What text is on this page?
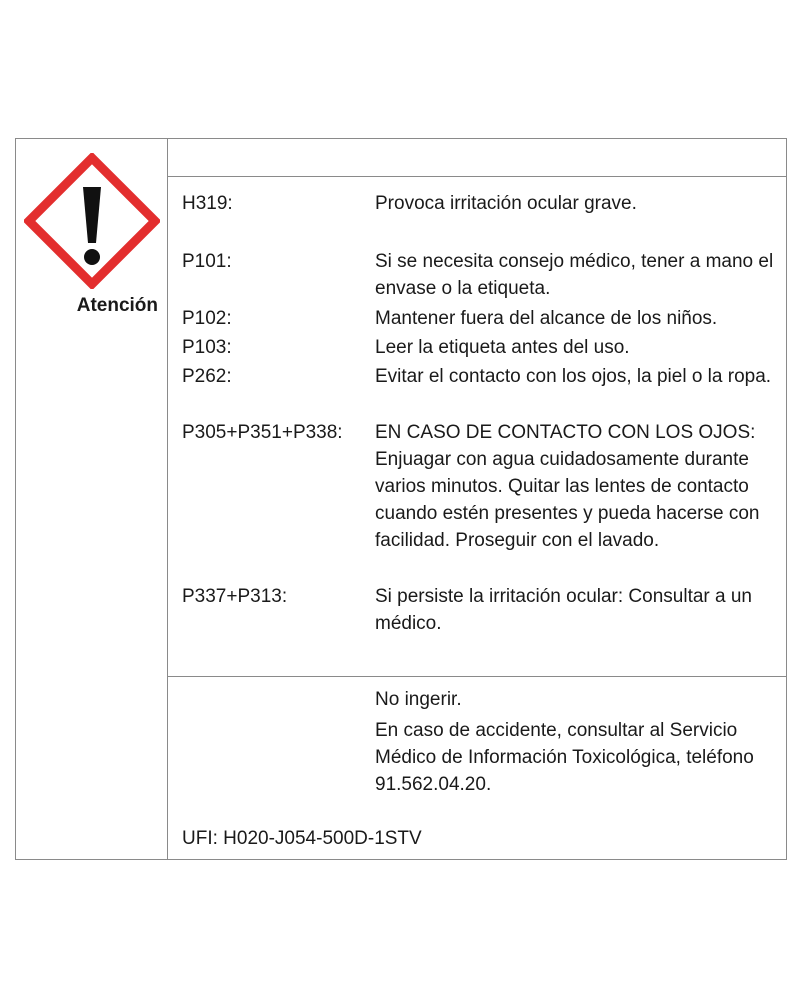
Atención
H319:	Provoca irritación ocular grave.
P101:	Si se necesita consejo médico, tener a mano el envase o la etiqueta.
P102:	Mantener fuera del alcance de los niños.
P103:	Leer la etiqueta antes del uso.
P262:	Evitar el contacto con los ojos, la piel o la ropa.
P305+P351+P338: EN CASO DE CONTACTO CON LOS OJOS: Enjuagar con agua cuidadosamente durante varios minutos. Quitar las lentes de contacto cuando estén presentes y pueda hacerse con facilidad. Proseguir con el lavado.
P337+P313:	Si persiste la irritación ocular: Consultar a un médico.
No ingerir.
En caso de accidente, consultar al Servicio Médico de Información Toxicológica, teléfono 91.562.04.20.
UFI: H020-J054-500D-1STV
